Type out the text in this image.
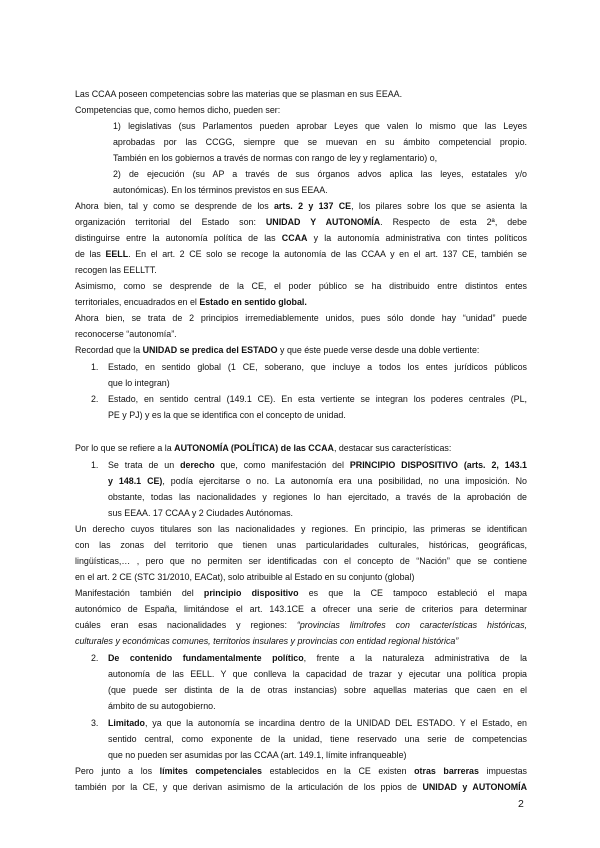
Las CCAA poseen competencias sobre las materias que se plasman en sus EEAA.
Competencias que, como hemos dicho, pueden ser:
1) legislativas (sus Parlamentos pueden aprobar Leyes que valen lo mismo que las Leyes
aprobadas por las CCGG, siempre que se muevan en su ámbito competencial propio.
También en los gobiernos a través de normas con rango de ley y reglamentario) o,
2) de ejecución (su AP a través de sus órganos advos aplica las leyes, estatales y/o
autonómicas). En los términos previstos en sus EEAA.
Ahora bien, tal y como se desprende de los arts. 2 y 137 CE, los pilares sobre los que se asienta la
organización territorial del Estado son: UNIDAD Y AUTONOMÍA. Respecto de esta 2ª, debe
distinguirse entre la autonomía política de las CCAA y la autonomía administrativa con tintes políticos
de las EELL. En el art. 2 CE solo se recoge la autonomía de las CCAA y en el art. 137 CE, también se
recogen las EELLTT.
Asimismo, como se desprende de la CE, el poder público se ha distribuido entre distintos entes
territoriales, encuadrados en el Estado en sentido global.
Ahora bien, se trata de 2 principios irremediablemente unidos, pues sólo donde hay “unidad” puede
reconocerse “autonomía”.
Recordad que la UNIDAD se predica del ESTADO y que éste puede verse desde una doble vertiente:
1. Estado, en sentido global (1 CE, soberano, que incluye a todos los entes jurídicos públicos
que lo integran)
2. Estado, en sentido central (149.1 CE). En esta vertiente se integran los poderes centrales (PL,
PE y PJ) y es la que se identifica con el concepto de unidad.
Por lo que se refiere a la AUTONOMÍA (POLÍTICA) de las CCAA, destacar sus características:
1. Se trata de un derecho que, como manifestación del PRINCIPIO DISPOSITIVO (arts. 2, 143.1
y 148.1 CE), podía ejercitarse o no. La autonomía era una posibilidad, no una imposición. No
obstante, todas las nacionalidades y regiones lo han ejercitado, a través de la aprobación de
sus EEAA. 17 CCAA y 2 Ciudades Autónomas.
Un derecho cuyos titulares son las nacionalidades y regiones. En principio, las primeras se identifican
con las zonas del territorio que tienen unas particularidades culturales, históricas, geográficas,
lingüísticas,… , pero que no permiten ser identificadas con el concepto de “Nación” que se contiene
en el art. 2 CE (STC 31/2010, EACat), solo atribuible al Estado en su conjunto (global)
Manifestación también del principio dispositivo es que la CE tampoco estableció el mapa
autonómico de España, limitándose el art. 143.1CE a ofrecer una serie de criterios para determinar
cuáles eran esas nacionalidades y regiones: “provincias limítrofes con características históricas,
culturales y económicas comunes, territorios insulares y provincias con entidad regional histórica”
2. De contenido fundamentalmente político, frente a la naturaleza administrativa de la
autonomía de las EELL. Y que conlleva la capacidad de trazar y ejecutar una política propia
(que puede ser distinta de la de otras instancias) sobre aquellas materias que caen en el
ámbito de su autogobierno.
3. Limitado, ya que la autonomía se incardina dentro de la UNIDAD DEL ESTADO. Y el Estado, en
sentido central, como exponente de la unidad, tiene reservado una serie de competencias
que no pueden ser asumidas por las CCAA (art. 149.1, límite infranqueable)
Pero junto a los límites competenciales establecidos en la CE existen otras barreras impuestas
también por la CE, y que derivan asimismo de la articulación de los ppios de UNIDAD y AUTONOMÍA
2
